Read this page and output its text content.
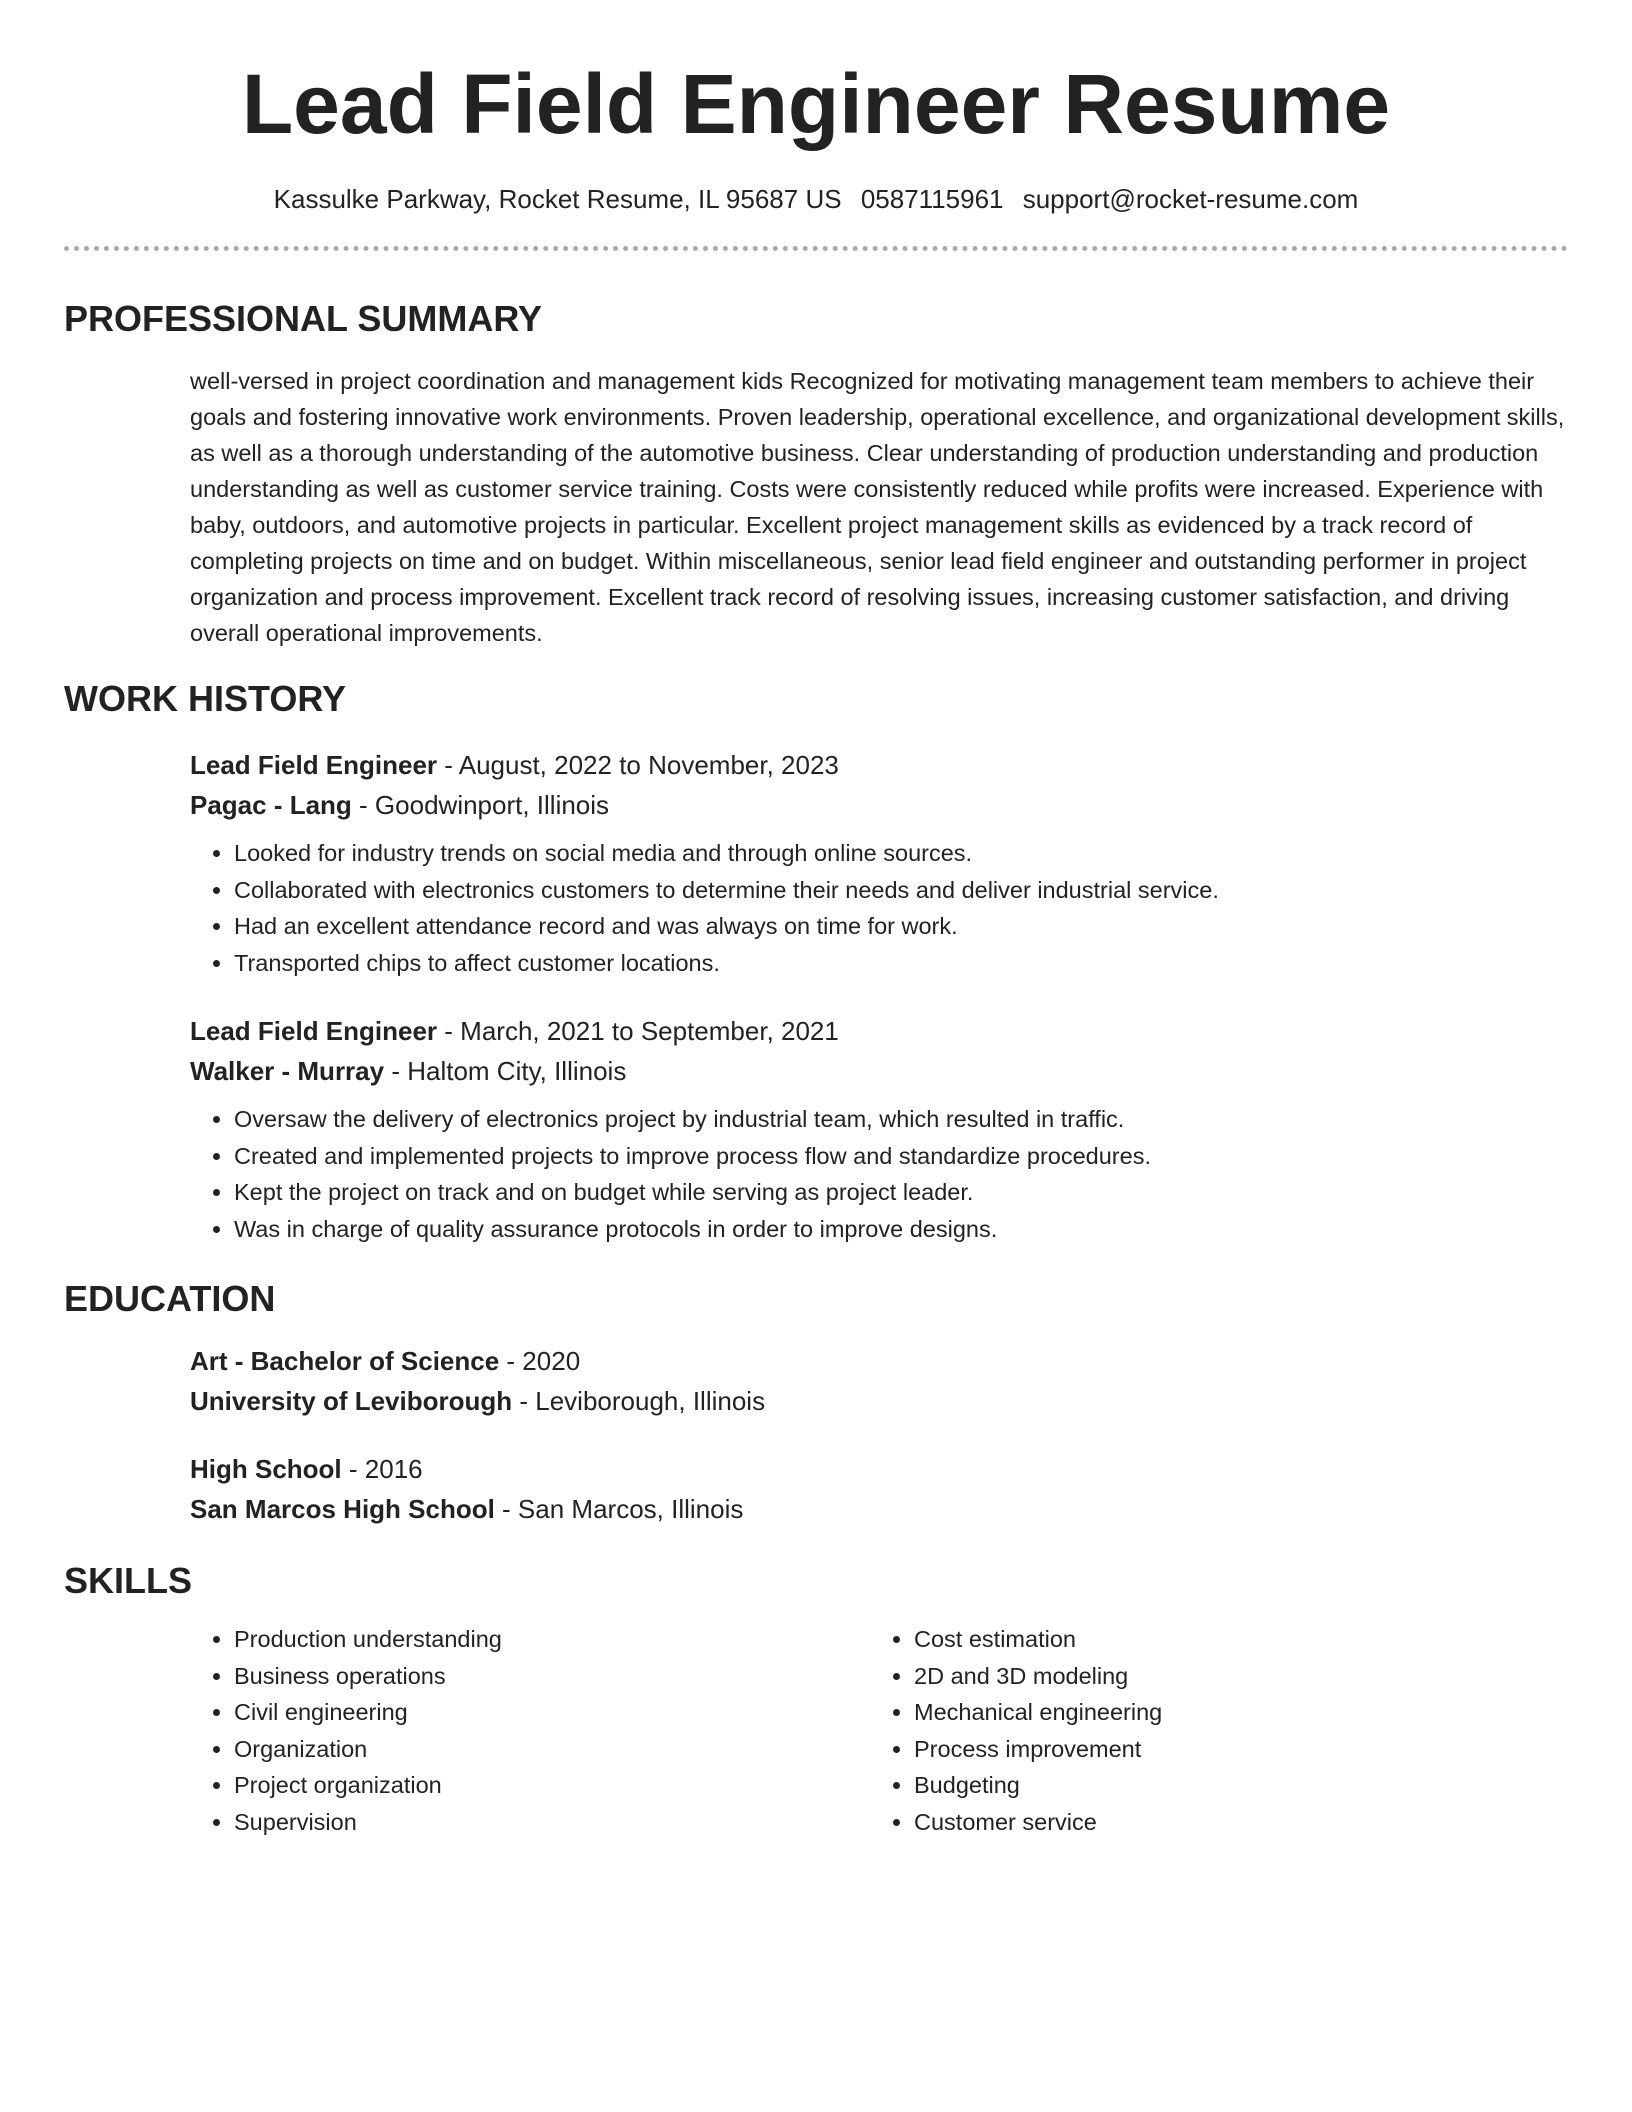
Lead Field Engineer Resume
Kassulke Parkway, Rocket Resume, IL 95687 US 0587115961 support@rocket-resume.com
PROFESSIONAL SUMMARY

well-versed in project coordination and management kids Recognized for motivating management team members to achieve their goals and fostering innovative work environments. Proven leadership, operational excellence, and organizational development skills, as well as a thorough understanding of the automotive business. Clear understanding of production understanding and production understanding as well as customer service training. Costs were consistently reduced while profits were increased. Experience with baby, outdoors, and automotive projects in particular. Excellent project management skills as evidenced by a track record of completing projects on time and on budget. Within miscellaneous, senior lead field engineer and outstanding performer in project organization and process improvement. Excellent track record of resolving issues, increasing customer satisfaction, and driving overall operational improvements.

WORK HISTORY
Lead Field Engineer - August, 2022 to November, 2023
Pagac - Lang - Goodwinport, Illinois
• Looked for industry trends on social media and through online sources.
• Collaborated with electronics customers to determine their needs and deliver industrial service.
• Had an excellent attendance record and was always on time for work.
• Transported chips to affect customer locations.
Lead Field Engineer - March, 2021 to September, 2021
Walker - Murray - Haltom City, Illinois
• Oversaw the delivery of electronics project by industrial team, which resulted in traffic.
• Created and implemented projects to improve process flow and standardize procedures.
• Kept the project on track and on budget while serving as project leader.
• Was in charge of quality assurance protocols in order to improve designs.
EDUCATION
Art - Bachelor of Science - 2020
University of Leviborough - Leviborough, Illinois
High School - 2016
San Marcos High School - San Marcos, Illinois
SKILLS
• Production understanding
• Business operations
• Civil engineering
• Organization
• Project organization
• Supervision
• Cost estimation
• 2D and 3D modeling
• Mechanical engineering
• Process improvement
• Budgeting
• Customer service
